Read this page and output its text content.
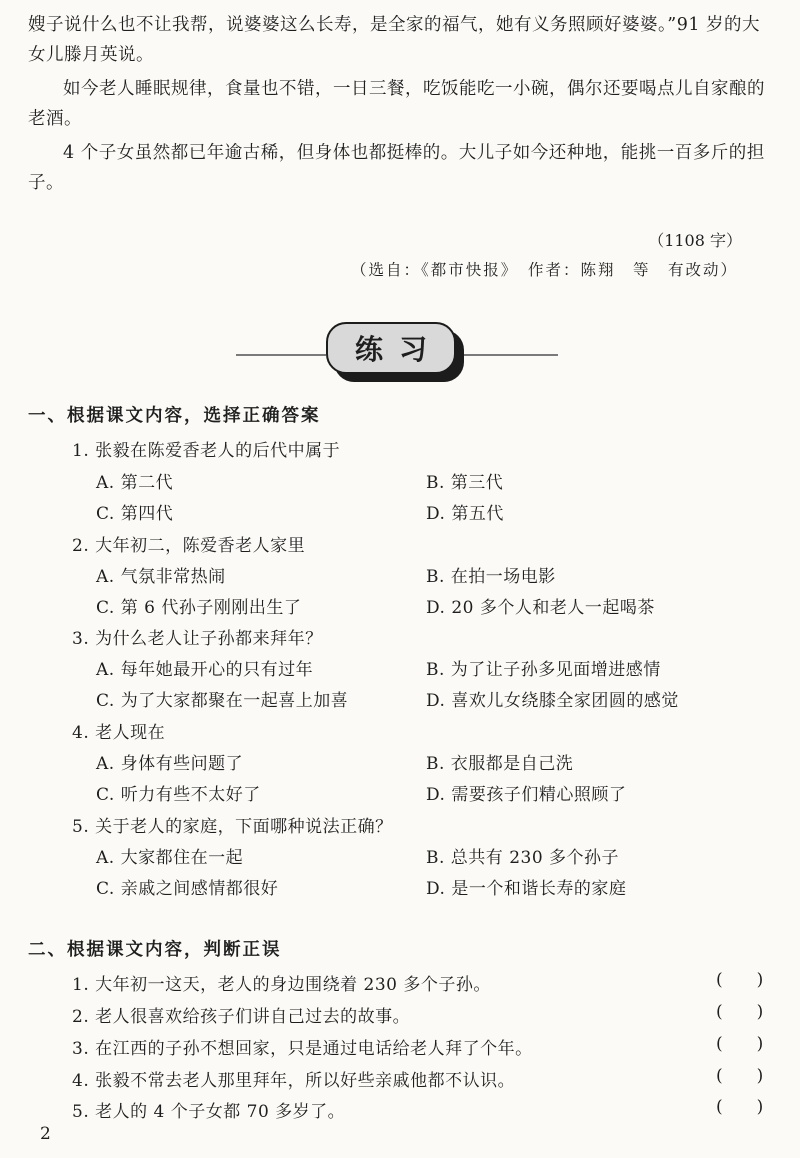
嫂子说什么也不让我帮，说婆婆这么长寿，是全家的福气，她有义务照顾好婆婆。”91 岁的大女儿滕月英说。

如今老人睡眠规律，食量也不错，一日三餐，吃饭能吃一小碗，偶尔还要喝点儿自家酿的老酒。

4 个子女虽然都已年逾古稀，但身体也都挺棒的。大儿子如今还种地，能挑一百多斤的担子。

（1108 字）
（选自：《都市快报》　作者：陈翔　等　有改动）
练习
一、根据课文内容，选择正确答案
1. 张毅在陈爱香老人的后代中属于
A. 第二代	B. 第三代
C. 第四代	D. 第五代
2. 大年初二，陈爱香老人家里
A. 气氛非常热闹	B. 在拍一场电影
C. 第 6 代孙子刚刚出生了	D. 20 多个人和老人一起喝茶
3. 为什么老人让子孙都来拜年？
A. 每年她最开心的只有过年	B. 为了让子孙多见面增进感情
C. 为了大家都聚在一起喜上加喜	D. 喜欢儿女绕膝全家团圆的感觉
4. 老人现在
A. 身体有些问题了	B. 衣服都是自己洗
C. 听力有些不太好了	D. 需要孩子们精心照顾了
5. 关于老人的家庭，下面哪种说法正确？
A. 大家都住在一起	B. 总共有 230 多个孙子
C. 亲戚之间感情都很好	D. 是一个和谐长寿的家庭
二、根据课文内容，判断正误
1. 大年初一这天，老人的身边围绕着 230 多个子孙。	( )
2. 老人很喜欢给孩子们讲自己过去的故事。	( )
3. 在江西的子孙不想回家，只是通过电话给老人拜了个年。	( )
4. 张毅不常去老人那里拜年，所以好些亲戚他都不认识。	( )
5. 老人的 4 个子女都 70 多岁了。	( )
2
